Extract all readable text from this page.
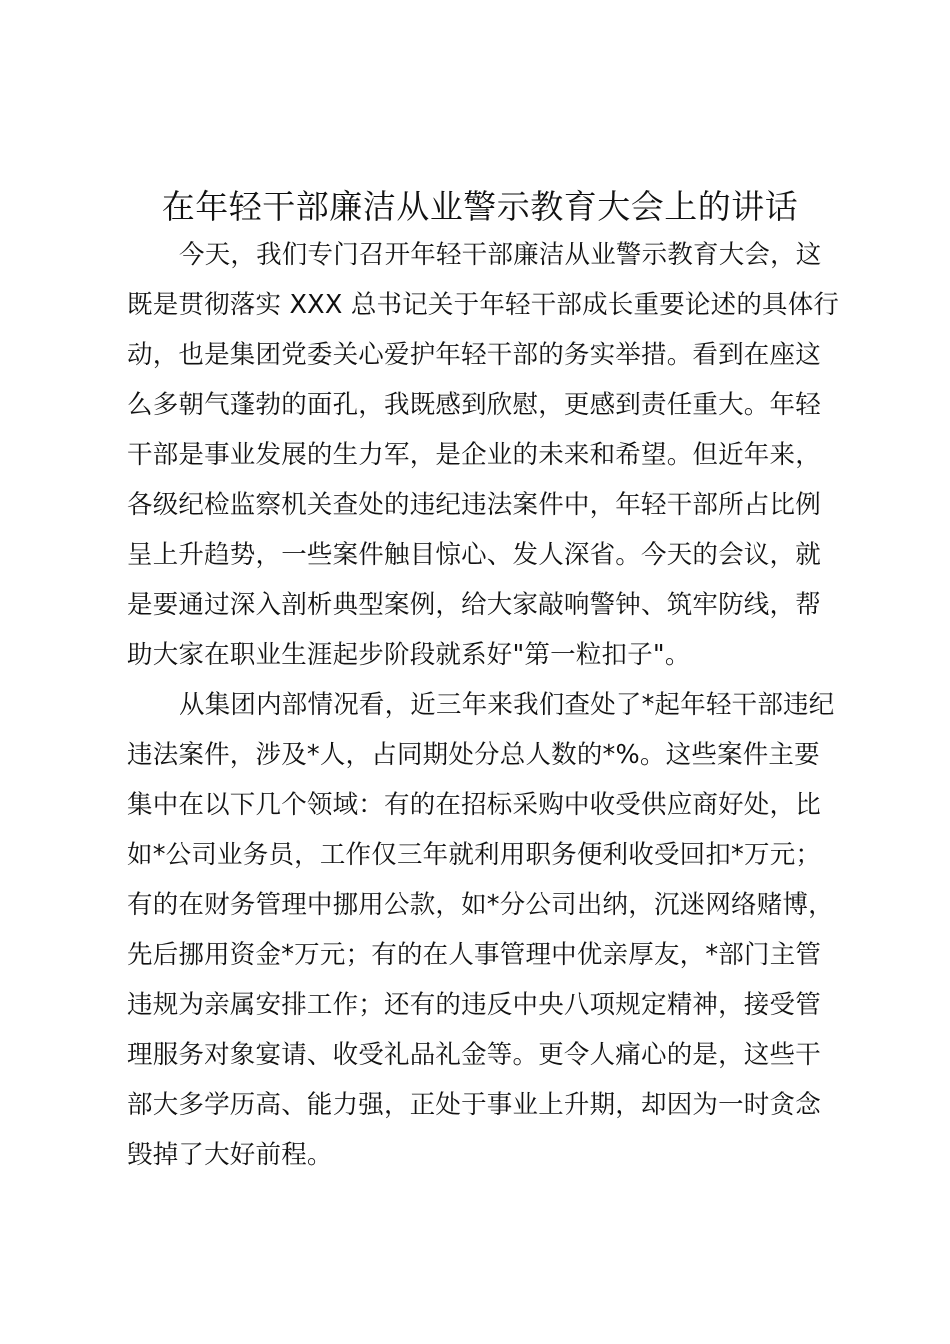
在年轻干部廉洁从业警示教育大会上的讲话

今天，我们专门召开年轻干部廉洁从业警示教育大会，这
既是贯彻落实 XXX 总书记关于年轻干部成长重要论述的具体行
动，也是集团党委关心爱护年轻干部的务实举措。看到在座这
么多朝气蓬勃的面孔，我既感到欣慰，更感到责任重大。年轻
干部是事业发展的生力军，是企业的未来和希望。但近年来，
各级纪检监察机关查处的违纪违法案件中，年轻干部所占比例
呈上升趋势，一些案件触目惊心、发人深省。今天的会议，就
是要通过深入剖析典型案例，给大家敲响警钟、筑牢防线，帮
助大家在职业生涯起步阶段就系好"第一粒扣子"。

从集团内部情况看，近三年来我们查处了*起年轻干部违纪
违法案件，涉及*人，占同期处分总人数的*%。这些案件主要
集中在以下几个领域：有的在招标采购中收受供应商好处，比
如*公司业务员，工作仅三年就利用职务便利收受回扣*万元；
有的在财务管理中挪用公款，如*分公司出纳，沉迷网络赌博，
先后挪用资金*万元；有的在人事管理中优亲厚友，*部门主管
违规为亲属安排工作；还有的违反中央八项规定精神，接受管
理服务对象宴请、收受礼品礼金等。更令人痛心的是，这些干
部大多学历高、能力强，正处于事业上升期，却因为一时贪念
毁掉了大好前程。
